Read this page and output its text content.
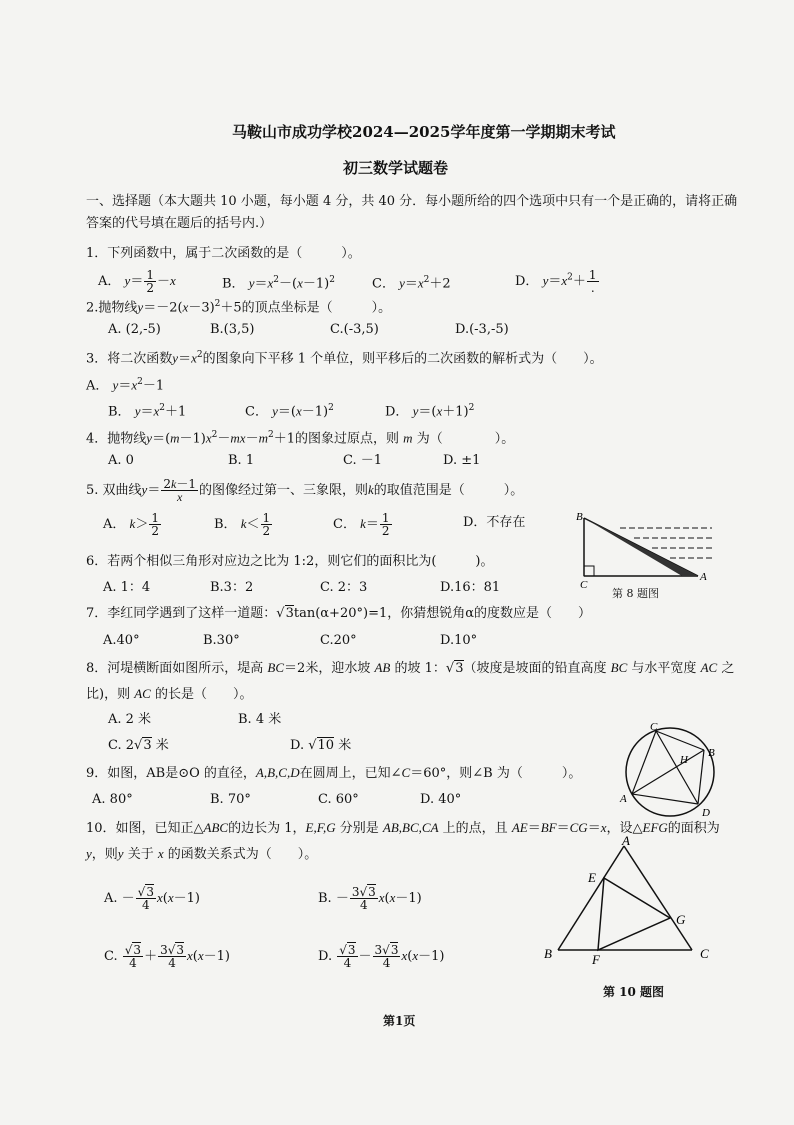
马鞍山市成功学校2024—2025学年度第一学期期末考试
初三数学试题卷
一、选择题（本大题共 10 小题，每小题 4 分，共 40 分．每小题所给的四个选项中只有一个是正确的，请将正确
答案的代号填在题后的括号内.）
1．下列函数中，属于二次函数的是（　　　）。
A． $y= \frac{1}{2} -x$	B． $y=x^2-(x-1)^2$	C． $y=x^2+2$	D． $y=x^2+ \frac{1}{.}$
2.抛物线$y=-2(x-3)^2+5$的顶点坐标是（　　　）。
A. (2,-5)	B.(3,5)	C.(-3,5)	D.(-3,-5)
3．将二次函数$y=x^2$的图象向下平移 1 个单位，则平移后的二次函数的解析式为（　　）。
A． $y=x^2-1$
B． $y=x^2+1$	C． $y=(x-1)^2$	D． $y=(x+1)^2$
4．抛物线$y=(m-1)x^2-mx-m^2+1$的图象过原点，则 m 为（　　　　）。
A. 0	B. 1	C. －1	D. ±1
5. 双曲线$y= \frac{2k-1}{x}$ 的图像经过第一、三象限，则k的取值范围是（　　　）。
A． $k> \frac{1}{2}$	B． $k< \frac{1}{2}$	C． $k= \frac{1}{2}$	D．不存在
6．若两个相似三角形对应边之比为 1:2，则它们的面积比为(　　　)。
A. 1：4	B.3：2	C. 2：3	D.16：81
7．李红同学遇到了这样一道题：√3tan(α+20°)=1，你猜想锐角α的度数应是（　　）
A.40°	B.30°	C.20°	D.10°
8．河堤横断面如图所示，堤高 BC＝2米，迎水坡 AB 的坡 1：√3（坡度是坡面的铅直高度 BC 与水平宽度 AC 之
比)，则 AC 的长是（　　）。
A. 2 米	B. 4 米
C. 2√3 米	D. √10 米
9．如图，AB是⊙O 的直径，A,B,C,D在圆周上，已知∠C＝60°，则∠B 为（　　　）。
A. 80°	B. 70°	C. 60°	D. 40°
10．如图，已知正△ABC的边长为 1，E,F,G 分别是 AB,BC,CA 上的点，且 AE＝BF＝CG＝x，设△EFG的面积为
y，则y 关于 x 的函数关系式为（　　）。
A. － $\frac{√3}{4} x(x-1)$	B. － $\frac{3√3}{4} x(x-1)$
C. $\frac{√3}{4} + \frac{3√3}{4} x(x-1)$	D. $\frac{√3}{4} - \frac{3√3}{4} x(x-1)$
B
C
A
第 8 题图
C
H
B
A
D
A
E
G
B	F	C
第 10 题图
第1页
